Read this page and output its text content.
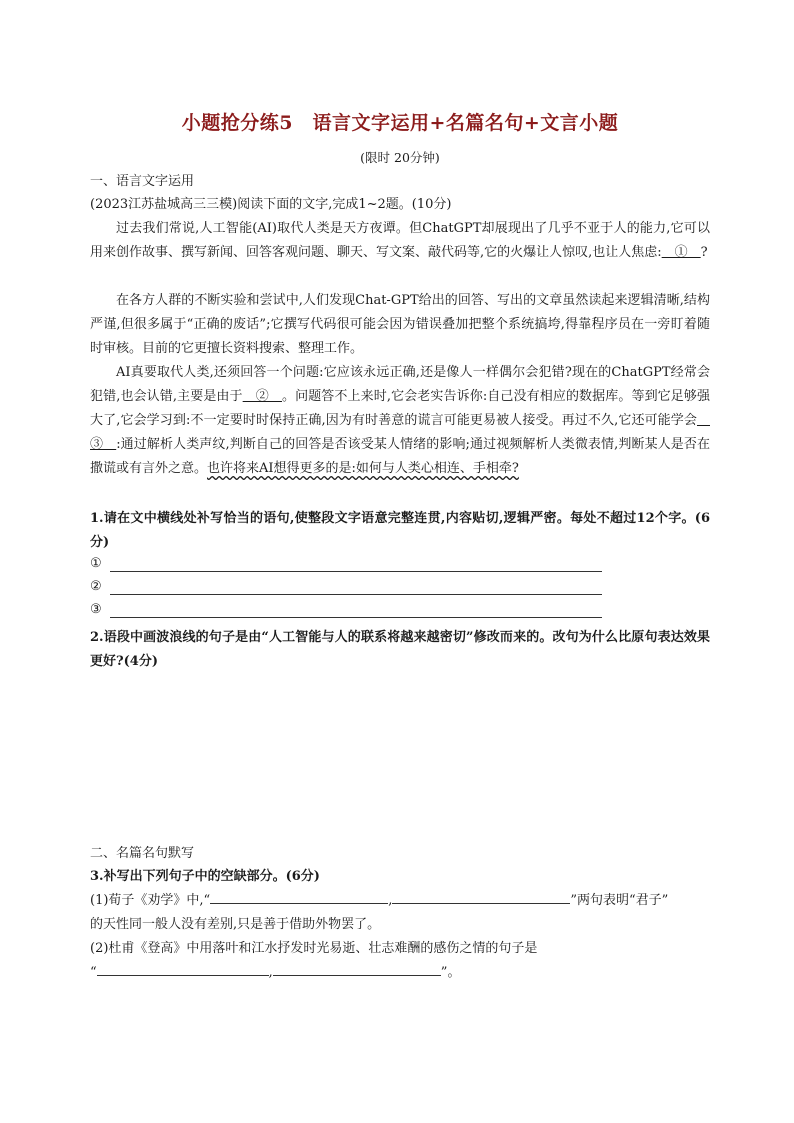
小题抢分练5　语言文字运用+名篇名句+文言小题
(限时 20分钟)
一、语言文字运用
(2023江苏盐城高三三模)阅读下面的文字,完成1~2题。(10分)
过去我们常说,人工智能(AI)取代人类是天方夜谭。但ChatGPT却展现出了几乎不亚于人的能力,它可以用来创作故事、撰写新闻、回答客观问题、聊天、写文案、敲代码等,它的火爆让人惊叹,也让人焦虑:　①　?
在各方人群的不断实验和尝试中,人们发现Chat-GPT给出的回答、写出的文章虽然读起来逻辑清晰,结构严谨,但很多属于“正确的废话”;它撰写代码很可能会因为错误叠加把整个系统搞垮,得靠程序员在一旁盯着随时审核。目前的它更擅长资料搜索、整理工作。
AI真要取代人类,还须回答一个问题:它应该永远正确,还是像人一样偶尔会犯错?现在的ChatGPT经常会犯错,也会认错,主要是由于　②　。问题答不上来时,它会老实告诉你:自己没有相应的数据库。等到它足够强大了,它会学习到:不一定要时时保持正确,因为有时善意的谎言可能更易被人接受。再过不久,它还可能学会　③　:通过解析人类声纹,判断自己的回答是否该受某人情绪的影响;通过视频解析人类微表情,判断某人是否在撒谎或有言外之意。也许将来AI想得更多的是:如何与人类心相连、手相牵?
1.请在文中横线处补写恰当的语句,使整段文字语意完整连贯,内容贴切,逻辑严密。每处不超过12个字。(6分)
①
②
③
2.语段中画波浪线的句子是由“人工智能与人的联系将越来越密切”修改而来的。改句为什么比原句表达效果更好?(4分)
二、名篇名句默写
3.补写出下列句子中的空缺部分。(6分)
(1)荀子《劝学》中,“	,	”两句表明“君子”
的天性同一般人没有差别,只是善于借助外物罢了。
(2)杜甫《登高》中用落叶和江水抒发时光易逝、壮志难酬的感伤之情的句子是
“	,	”。
